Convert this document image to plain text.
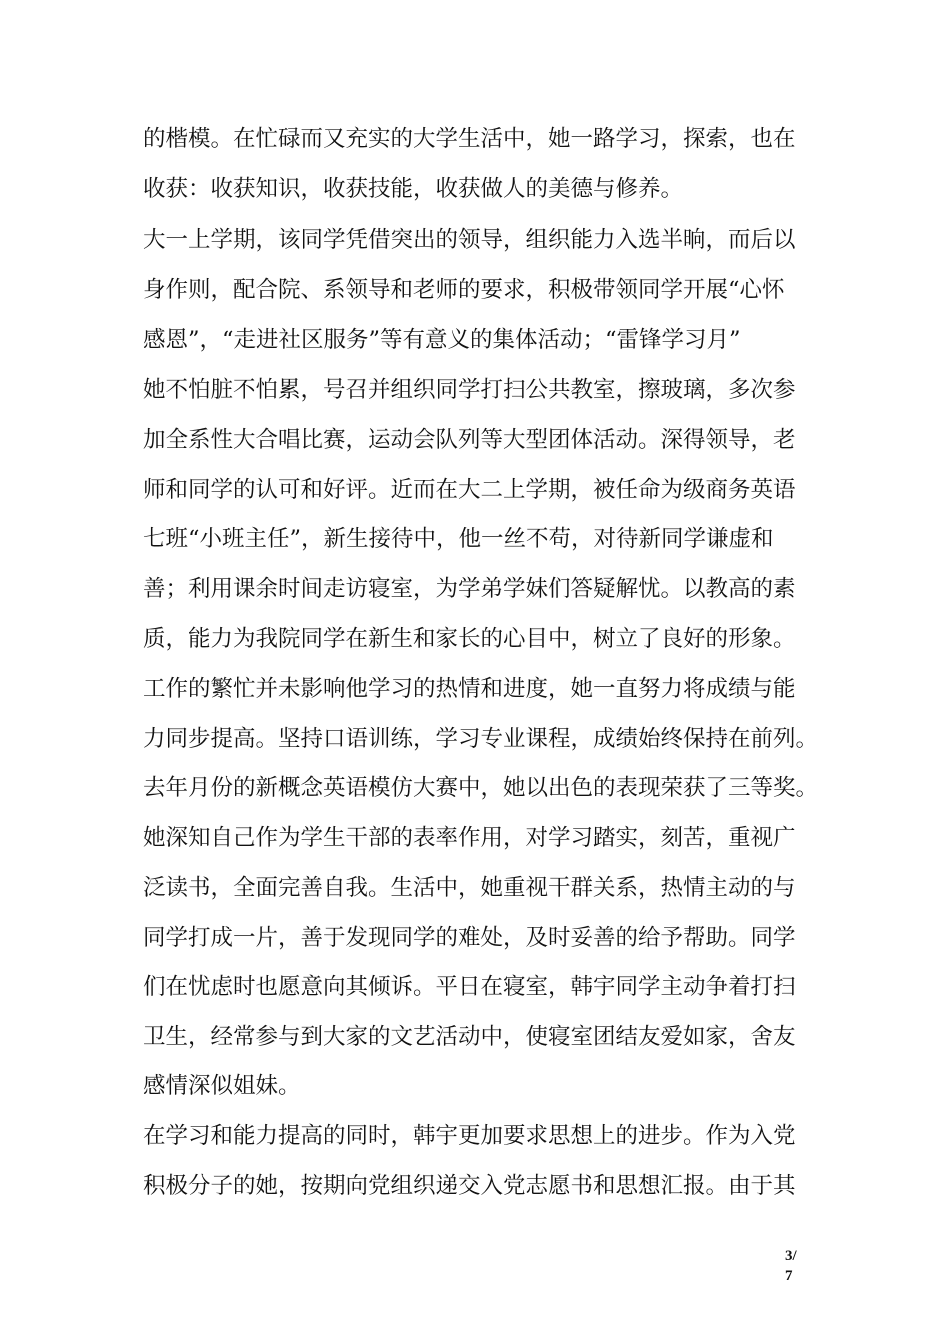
的楷模。在忙碌而又充实的大学生活中，她一路学习，探索，也在
收获：收获知识，收获技能，收获做人的美德与修养。
大一上学期，该同学凭借突出的领导，组织能力入选半晌，而后以
身作则，配合院、系领导和老师的要求，积极带领同学开展“心怀
感恩”，“走进社区服务”等有意义的集体活动；“雷锋学习月”
她不怕脏不怕累，号召并组织同学打扫公共教室，擦玻璃，多次参
加全系性大合唱比赛，运动会队列等大型团体活动。深得领导，老
师和同学的认可和好评。近而在大二上学期，被任命为级商务英语
七班“小班主任”，新生接待中，他一丝不苟，对待新同学谦虚和
善；利用课余时间走访寝室，为学弟学妹们答疑解忧。以教高的素
质，能力为我院同学在新生和家长的心目中，树立了良好的形象。
工作的繁忙并未影响他学习的热情和进度，她一直努力将成绩与能
力同步提高。坚持口语训练，学习专业课程，成绩始终保持在前列。
去年月份的新概念英语模仿大赛中，她以出色的表现荣获了三等奖。
她深知自己作为学生干部的表率作用，对学习踏实，刻苦，重视广
泛读书，全面完善自我。生活中，她重视干群关系，热情主动的与
同学打成一片，善于发现同学的难处，及时妥善的给予帮助。同学
们在忧虑时也愿意向其倾诉。平日在寝室，韩宇同学主动争着打扫
卫生，经常参与到大家的文艺活动中，使寝室团结友爱如家，舍友
感情深似姐妹。
在学习和能力提高的同时，韩宇更加要求思想上的进步。作为入党
积极分子的她，按期向党组织递交入党志愿书和思想汇报。由于其
3/
7
